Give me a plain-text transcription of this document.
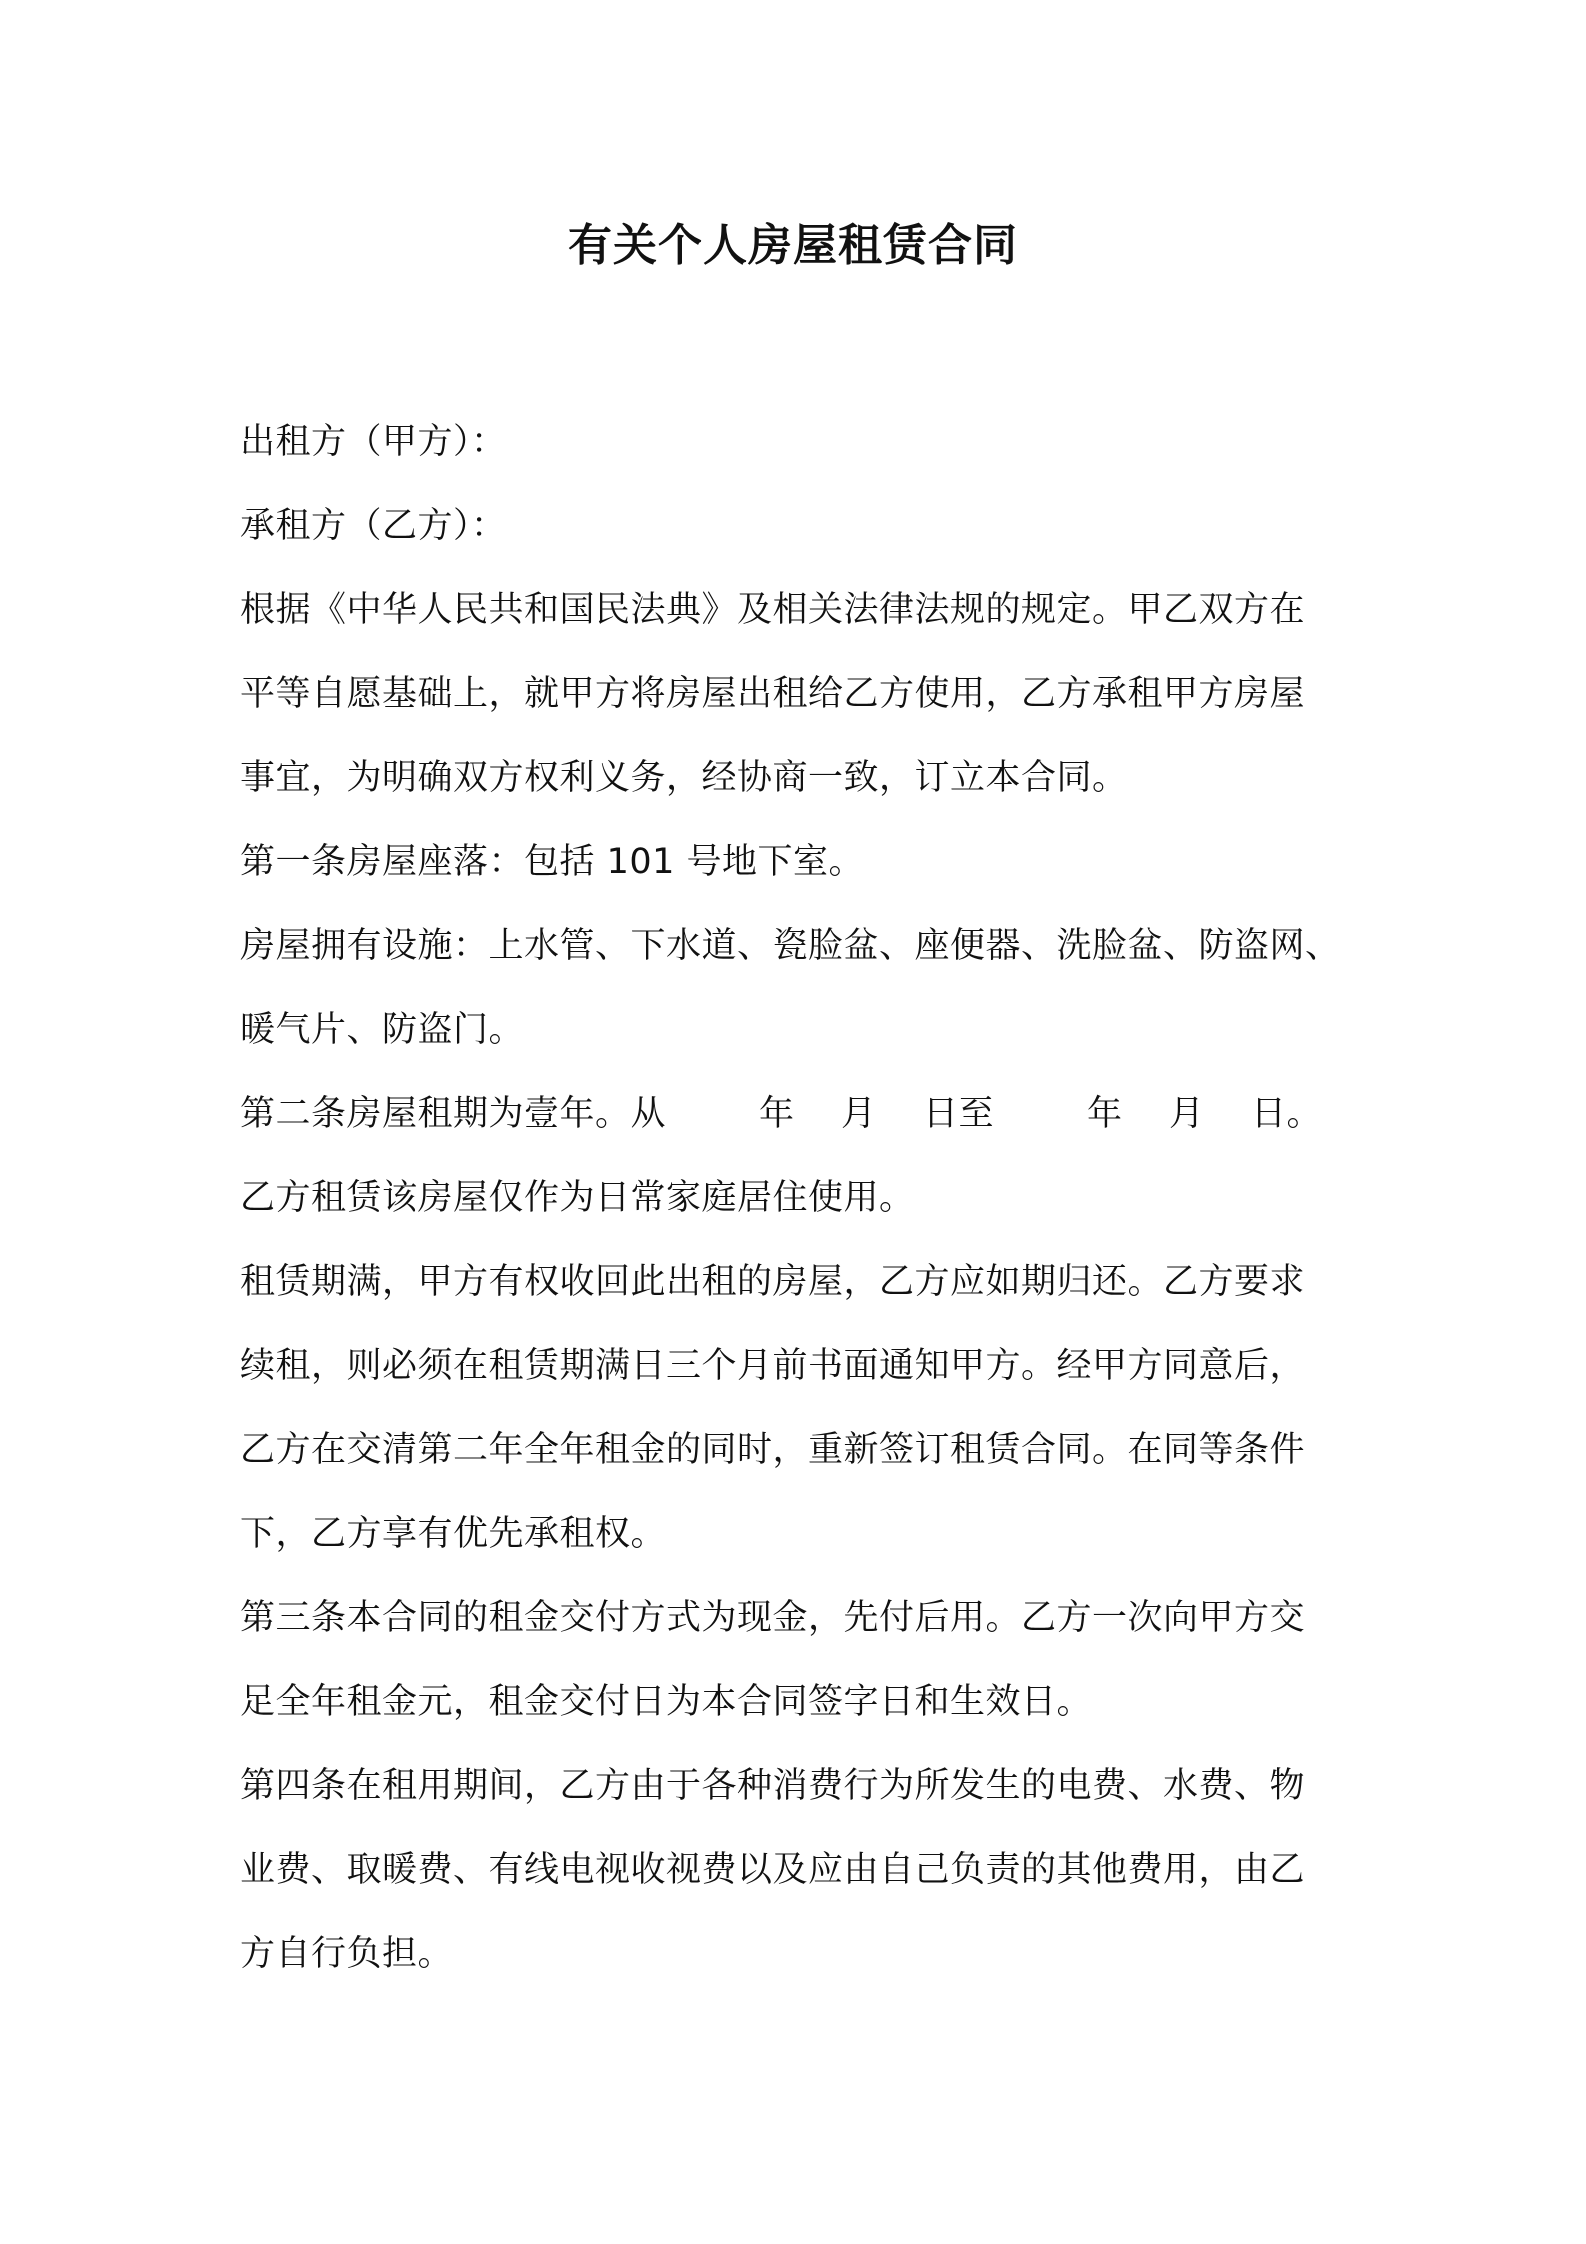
有关个人房屋租赁合同
出租方（甲方）：
承租方（乙方）：
根据《中华人民共和国民法典》及相关法律法规的规定。甲乙双方在
平等自愿基础上，就甲方将房屋出租给乙方使用，乙方承租甲方房屋
事宜，为明确双方权利义务，经协商一致，订立本合同。
第一条房屋座落：包括 101 号地下室。
房屋拥有设施：上水管、下水道、瓷脸盆、座便器、洗脸盆、防盗网、
暖气片、防盗门。
第二条房屋租期为壹年。从        年    月    日至        年    月    日。
乙方租赁该房屋仅作为日常家庭居住使用。
租赁期满，甲方有权收回此出租的房屋，乙方应如期归还。乙方要求
续租，则必须在租赁期满日三个月前书面通知甲方。经甲方同意后，
乙方在交清第二年全年租金的同时，重新签订租赁合同。在同等条件
下，乙方享有优先承租权。
第三条本合同的租金交付方式为现金，先付后用。乙方一次向甲方交
足全年租金元，租金交付日为本合同签字日和生效日。
第四条在租用期间，乙方由于各种消费行为所发生的电费、水费、物
业费、取暖费、有线电视收视费以及应由自己负责的其他费用，由乙
方自行负担。
